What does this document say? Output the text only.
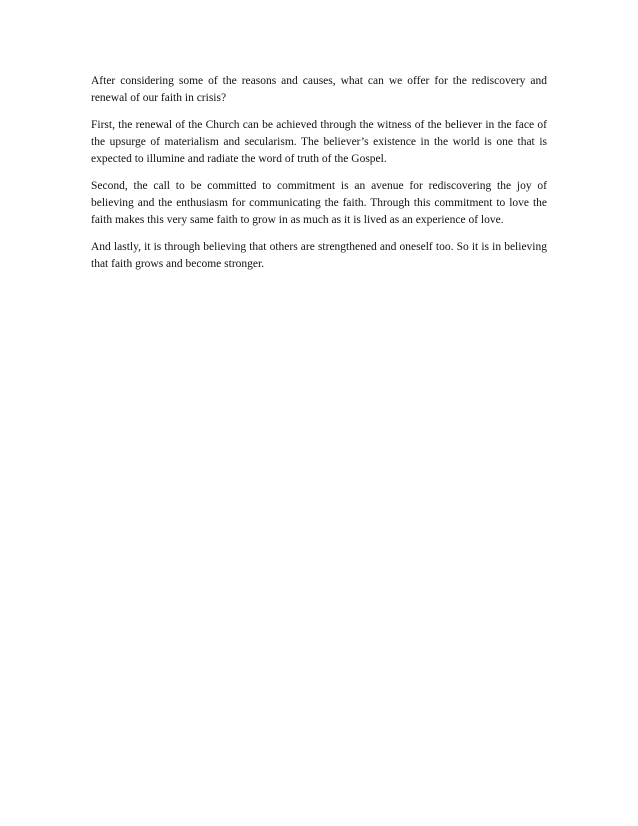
After considering some of the reasons and causes, what can we offer for the rediscovery and renewal of our faith in crisis?

First, the renewal of the Church can be achieved through the witness of the believer in the face of the upsurge of materialism and secularism. The believer’s existence in the world is one that is expected to illumine and radiate the word of truth of the Gospel.

Second, the call to be committed to commitment is an avenue for rediscovering the joy of believing and the enthusiasm for communicating the faith. Through this commitment to love the faith makes this very same faith to grow in as much as it is lived as an experience of love.

And lastly, it is through believing that others are strengthened and oneself too. So it is in believing that faith grows and become stronger.
